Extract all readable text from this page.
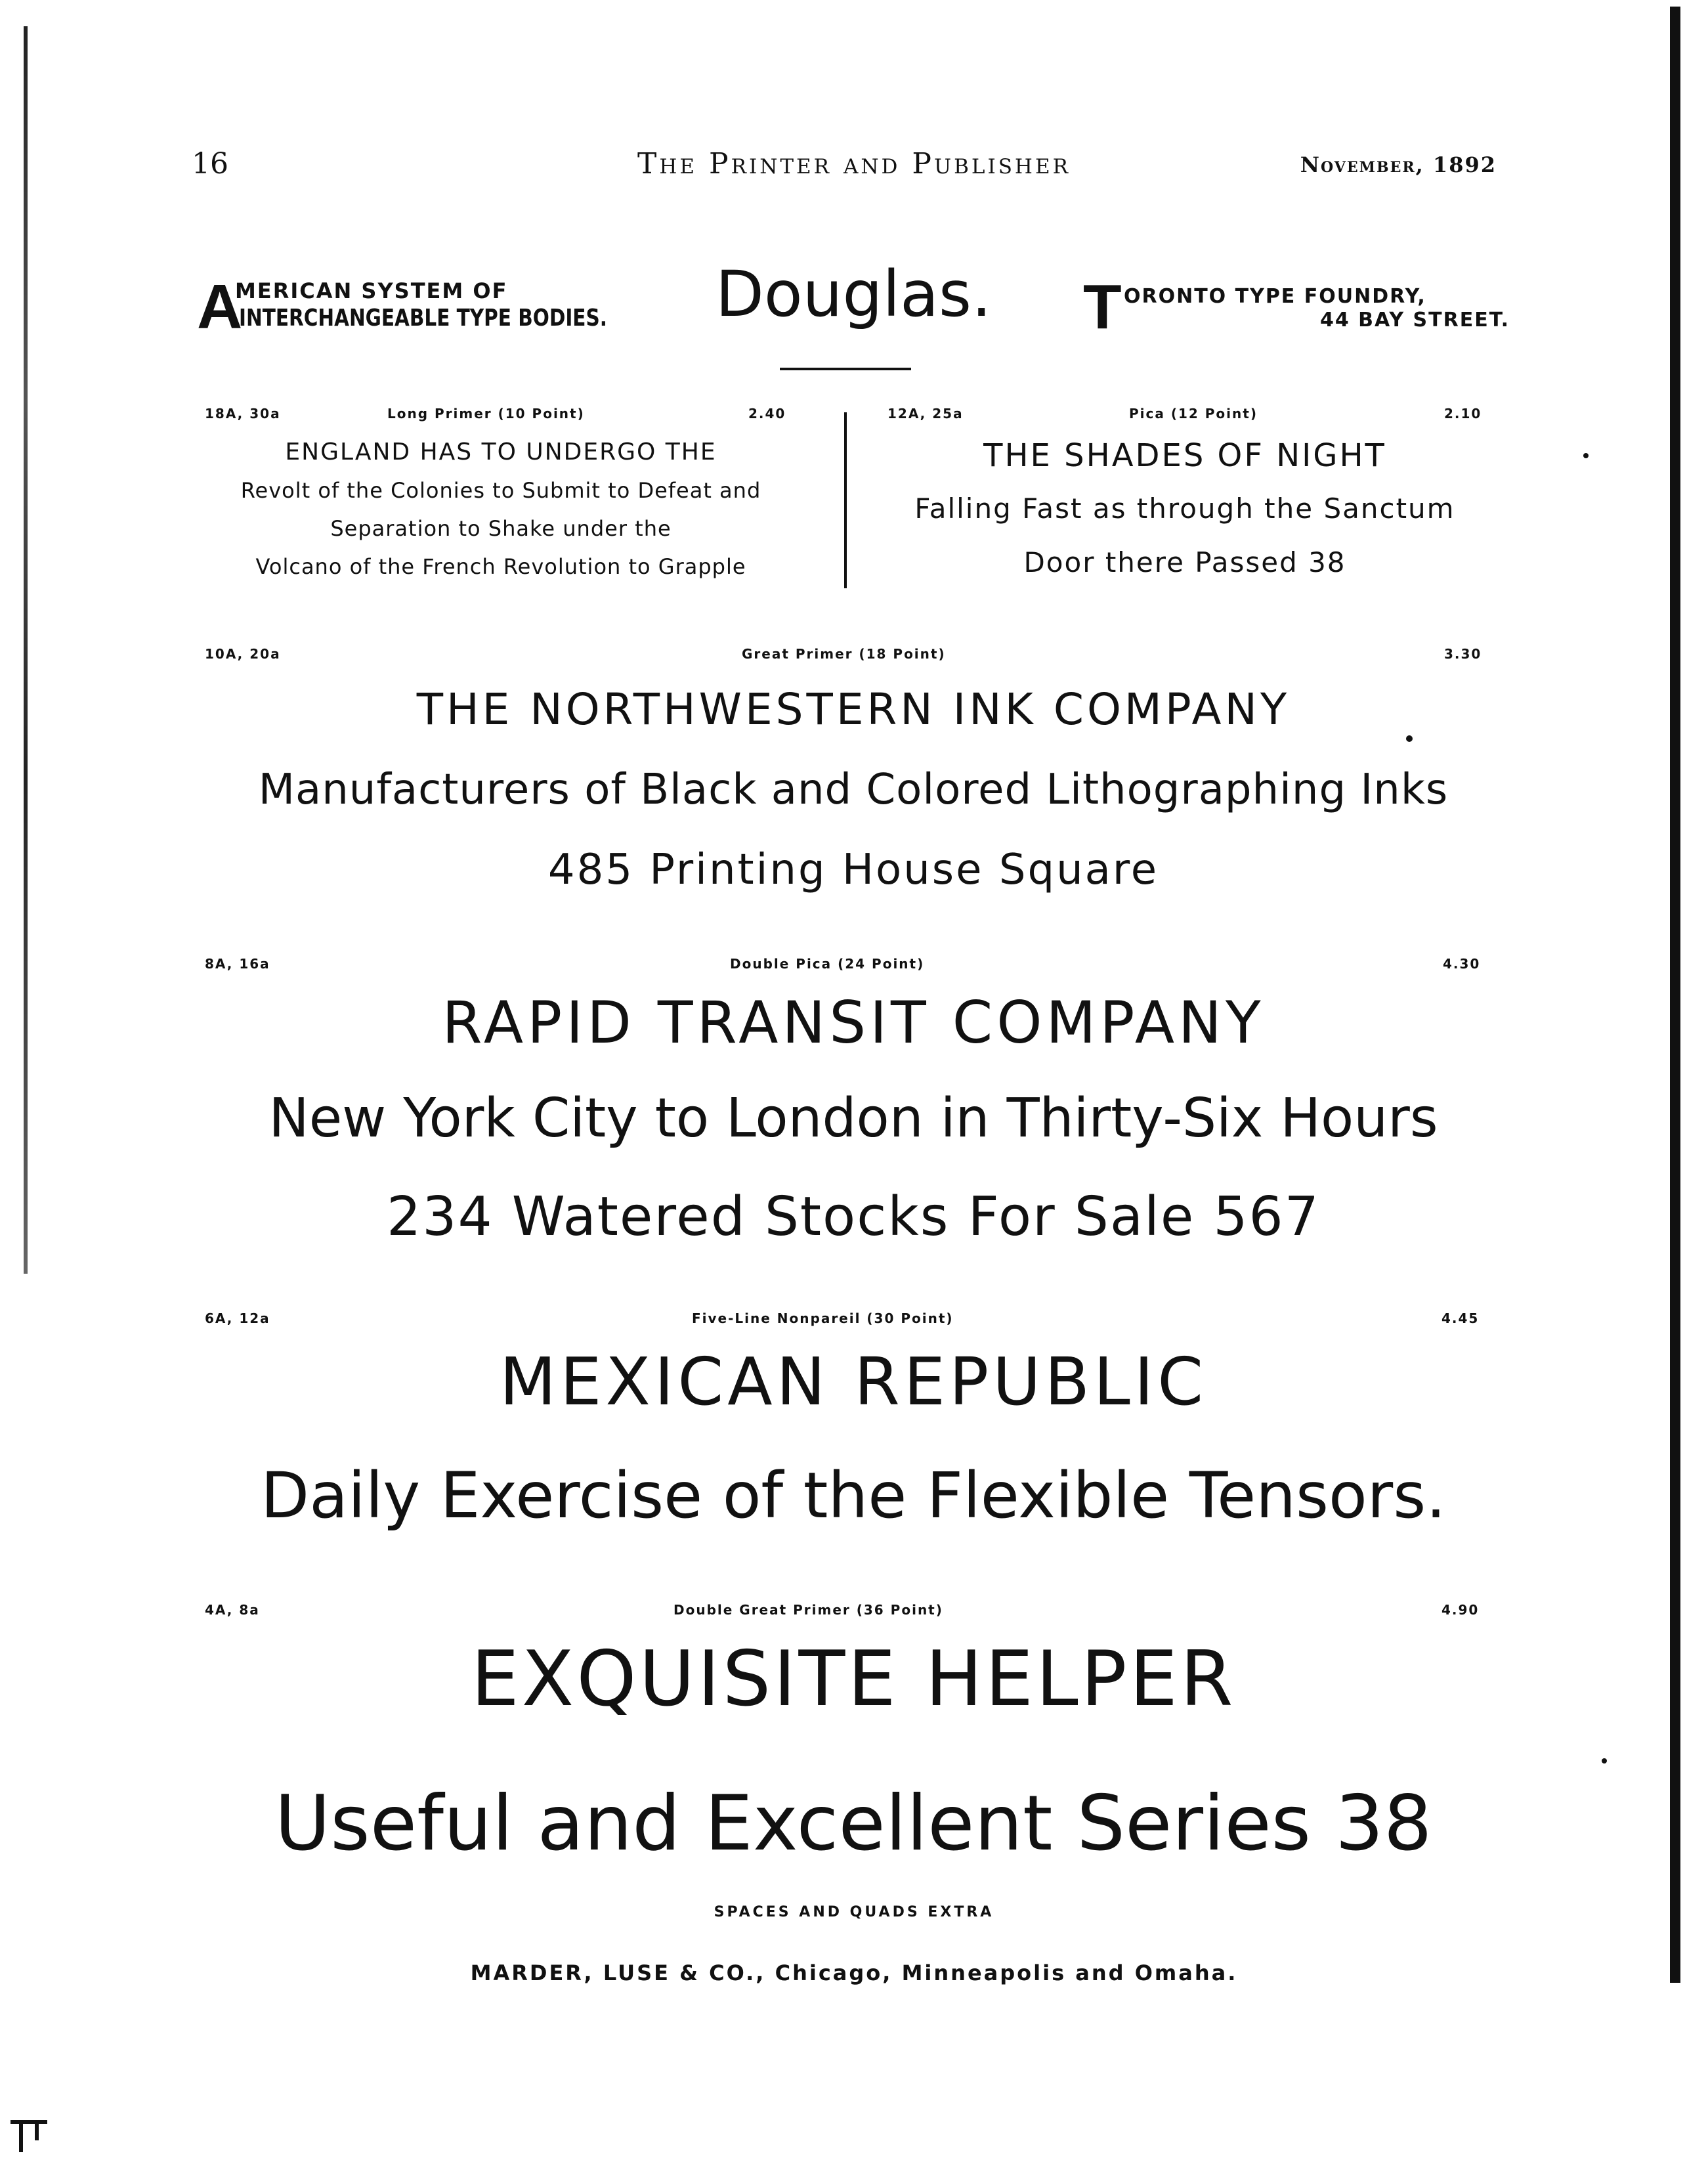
16	The Printer and Publisher	November, 1892
A
MERICAN SYSTEM OF
INTERCHANGEABLE TYPE BODIES. Douglas. T ORONTO TYPE FOUNDRY,
44 BAY STREET.
18A, 30a	Long Primer (10 Point)	2.40
ENGLAND HAS TO UNDERGO THE
Revolt of the Colonies to Submit to Defeat and
Separation to Shake under the
Volcano of the French Revolution to Grapple
12A, 25a	Pica (12 Point)	2.10
THE SHADES OF NIGHT
Falling Fast as through the Sanctum
Door there Passed 38
10A, 20a	Great Primer (18 Point)	3.30
THE NORTHWESTERN INK COMPANY
Manufacturers of Black and Colored Lithographing Inks
485 Printing House Square
8A, 16a	Double Pica (24 Point)	4.30
RAPID TRANSIT COMPANY
New York City to London in Thirty-Six Hours
234 Watered Stocks For Sale 567
6A, 12a	Five-Line Nonpareil (30 Point)	4.45
MEXICAN REPUBLIC
Daily Exercise of the Flexible Tensors.
4A, 8a	Double Great Primer (36 Point)	4.90
EXQUISITE HELPER
Useful and Excellent Series 38
SPACES AND QUADS EXTRA
MARDER, LUSE & CO., Chicago, Minneapolis and Omaha.
